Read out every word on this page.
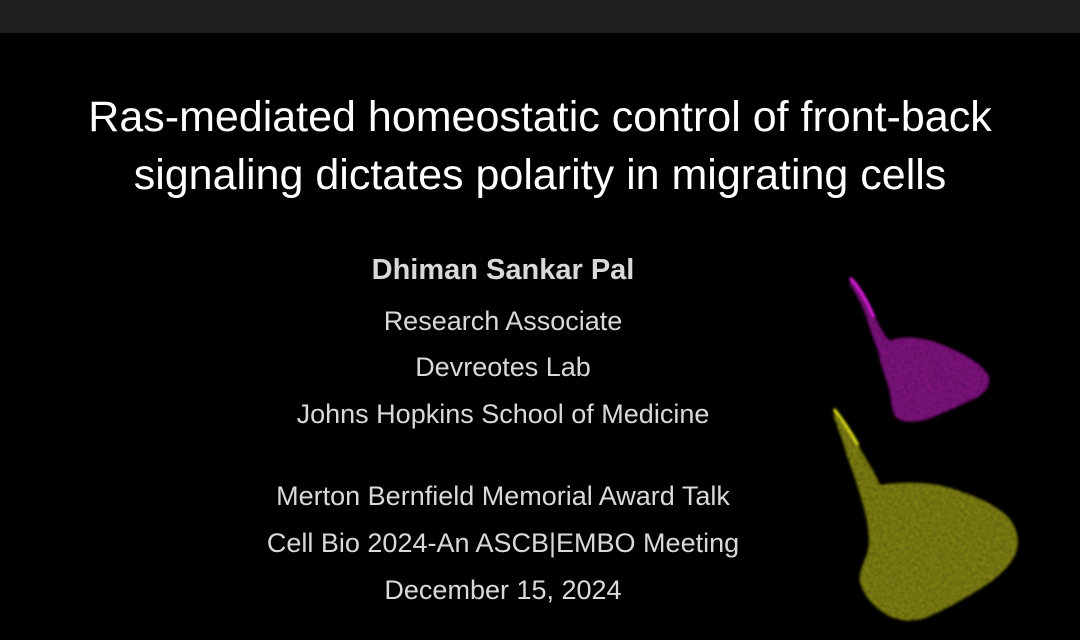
Ras-mediated homeostatic control of front-back
signaling dictates polarity in migrating cells
Dhiman Sankar Pal
Research Associate
Devreotes Lab
Johns Hopkins School of Medicine
Merton Bernfield Memorial Award Talk
Cell Bio 2024-An ASCB|EMBO Meeting
December 15, 2024
